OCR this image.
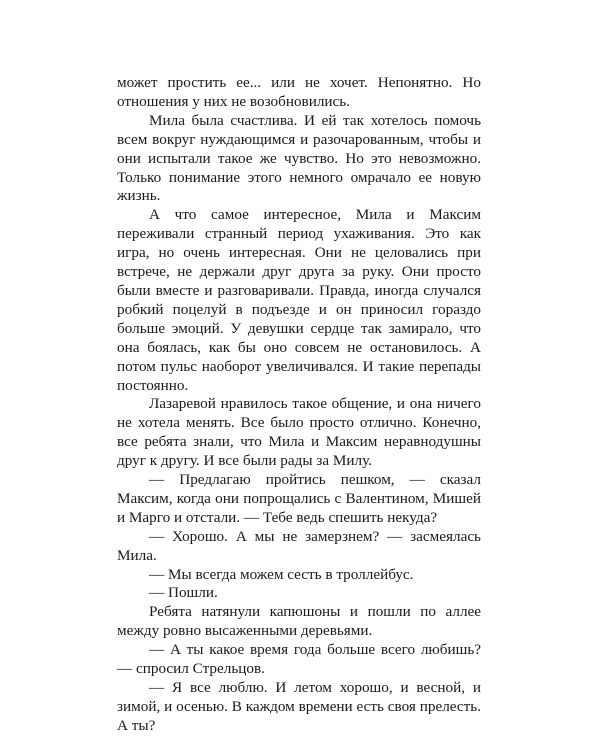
может простить ее... или не хочет. Непонятно. Но отношения у них не возобновились.

Мила была счастлива. И ей так хотелось помочь всем вокруг нуждающимся и разочарованным, чтобы и они испытали такое же чувство. Но это невозможно. Только понимание этого немного омрачало ее новую жизнь.

А что самое интересное, Мила и Максим переживали странный период ухаживания. Это как игра, но очень интересная. Они не целовались при встрече, не держали друг друга за руку. Они просто были вместе и разговаривали. Правда, иногда случался робкий поцелуй в подъезде и он приносил гораздо больше эмоций. У девушки сердце так замирало, что она боялась, как бы оно совсем не остановилось. А потом пульс наоборот увеличивался. И такие перепады постоянно.

Лазаревой нравилось такое общение, и она ничего не хотела менять. Все было просто отлично. Конечно, все ребята знали, что Мила и Максим неравнодушны друг к другу. И все были рады за Милу.

— Предлагаю пройтись пешком, — сказал Максим, когда они попрощались с Валентином, Мишей и Марго и отстали. — Тебе ведь спешить некуда?

— Хорошо. А мы не замерзнем? — засмеялась Мила.

— Мы всегда можем сесть в троллейбус.

— Пошли.

Ребята натянули капюшоны и пошли по аллее между ровно высаженными деревьями.

— А ты какое время года больше всего любишь? — спросил Стрельцов.

— Я все люблю. И летом хорошо, и весной, и зимой, и осенью. В каждом времени есть своя прелесть. А ты?
